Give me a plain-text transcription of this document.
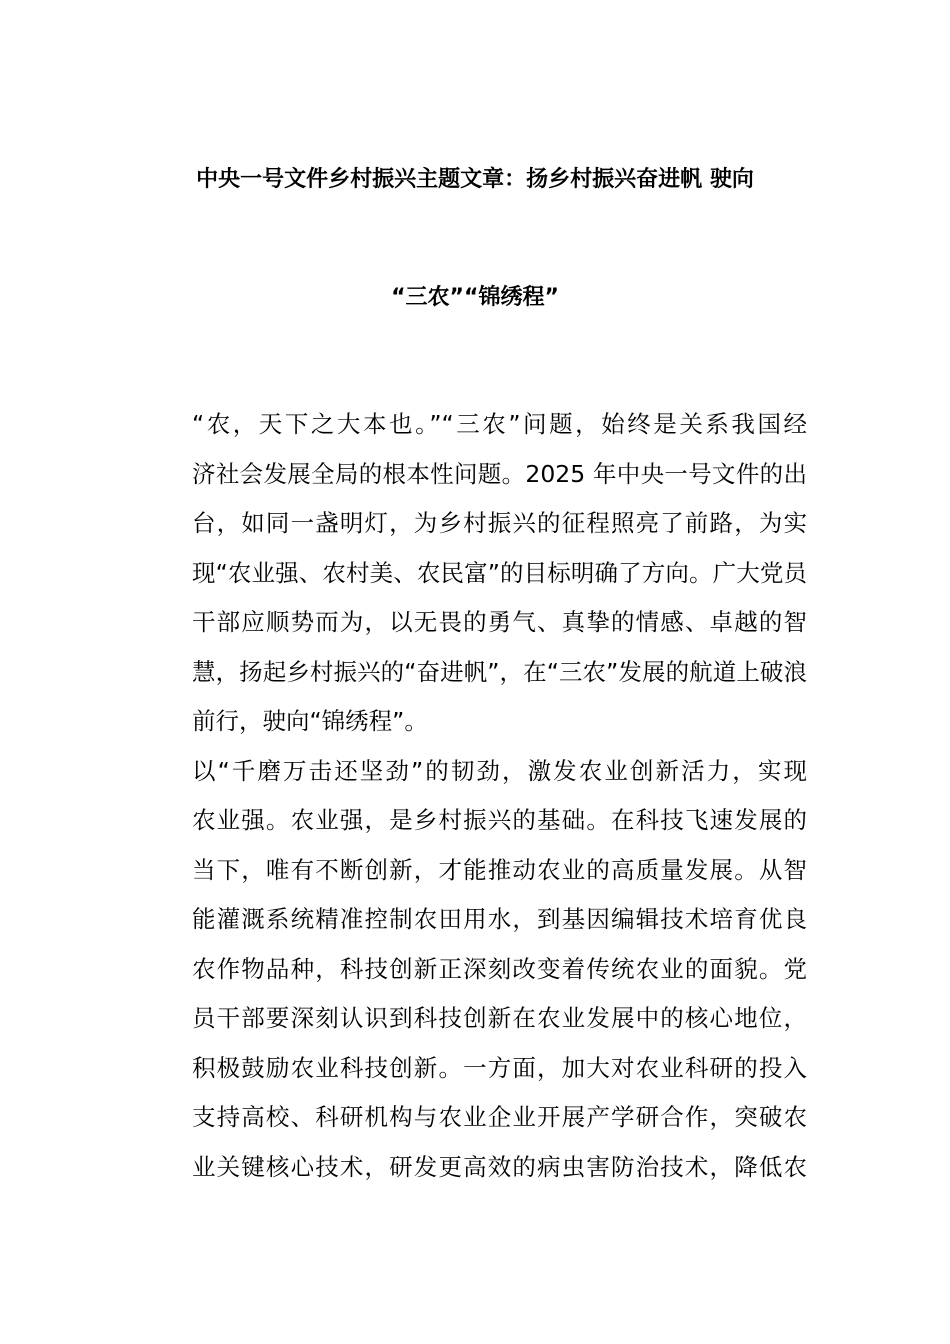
中央一号文件乡村振兴主题文章：扬乡村振兴奋进帆 驶向
“三农”“锦绣程”
“农，天下之大本也。”“三农”问题，始终是关系我国经
济社会发展全局的根本性问题。2025 年中央一号文件的出
台，如同一盏明灯，为乡村振兴的征程照亮了前路，为实
现“农业强、农村美、农民富”的目标明确了方向。广大党员
干部应顺势而为，以无畏的勇气、真挚的情感、卓越的智
慧，扬起乡村振兴的“奋进帆”，在“三农”发展的航道上破浪
前行，驶向“锦绣程”。
以“千磨万击还坚劲”的韧劲，激发农业创新活力，实现
农业强。农业强，是乡村振兴的基础。在科技飞速发展的
当下，唯有不断创新，才能推动农业的高质量发展。从智
能灌溉系统精准控制农田用水，到基因编辑技术培育优良
农作物品种，科技创新正深刻改变着传统农业的面貌。党
员干部要深刻认识到科技创新在农业发展中的核心地位，
积极鼓励农业科技创新。一方面，加大对农业科研的投入
支持高校、科研机构与农业企业开展产学研合作，突破农
业关键核心技术，研发更高效的病虫害防治技术，降低农
